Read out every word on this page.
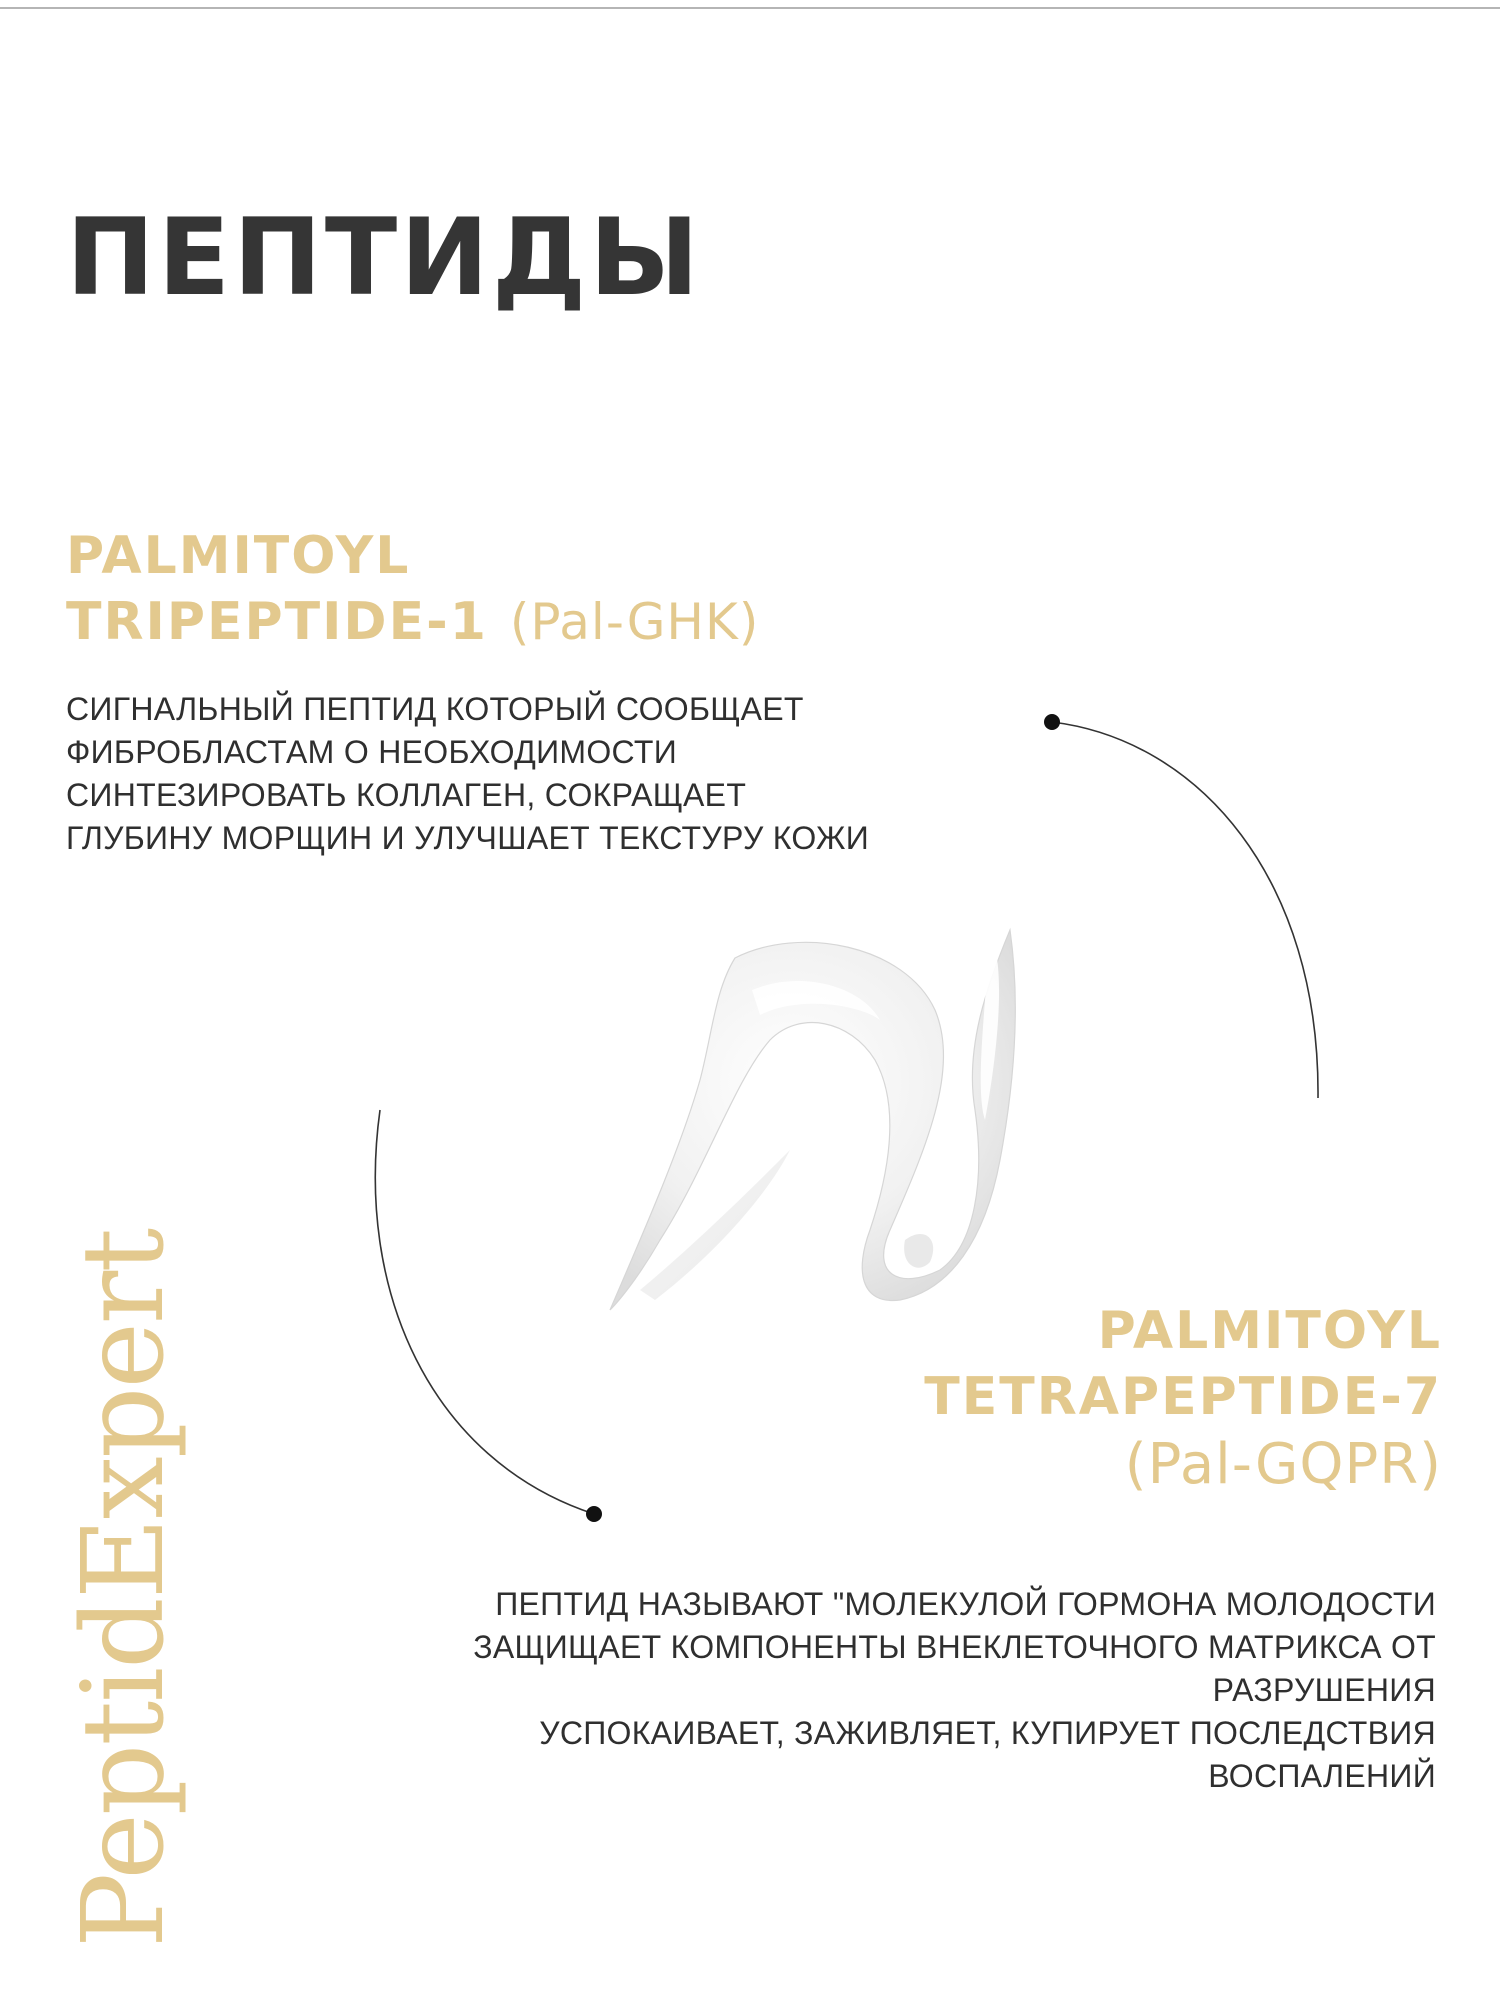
ПЕПТИДЫ
PALMITOYL
TRIPEPTIDE-1 (Pal-GHK)

СИГНАЛЬНЫЙ ПЕПТИД КОТОРЫЙ СООБЩАЕТ
ФИБРОБЛАСТАМ О НЕОБХОДИМОСТИ
СИНТЕЗИРОВАТЬ КОЛЛАГЕН, СОКРАЩАЕТ
ГЛУБИНУ МОРЩИН И УЛУЧШАЕТ ТЕКСТУРУ КОЖИ

PALMITOYL
TETRAPEPTIDE-7
(Pal-GQPR)

ПЕПТИД НАЗЫВАЮТ "МОЛЕКУЛОЙ ГОРМОНА МОЛОДОСТИ
ЗАЩИЩАЕТ КОМПОНЕНТЫ ВНЕКЛЕТОЧНОГО МАТРИКСА ОТ
РАЗРУШЕНИЯ
УСПОКАИВАЕТ, ЗАЖИВЛЯЕТ, КУПИРУЕТ ПОСЛЕДСТВИЯ
ВОСПАЛЕНИЙ

PeptidExpert
